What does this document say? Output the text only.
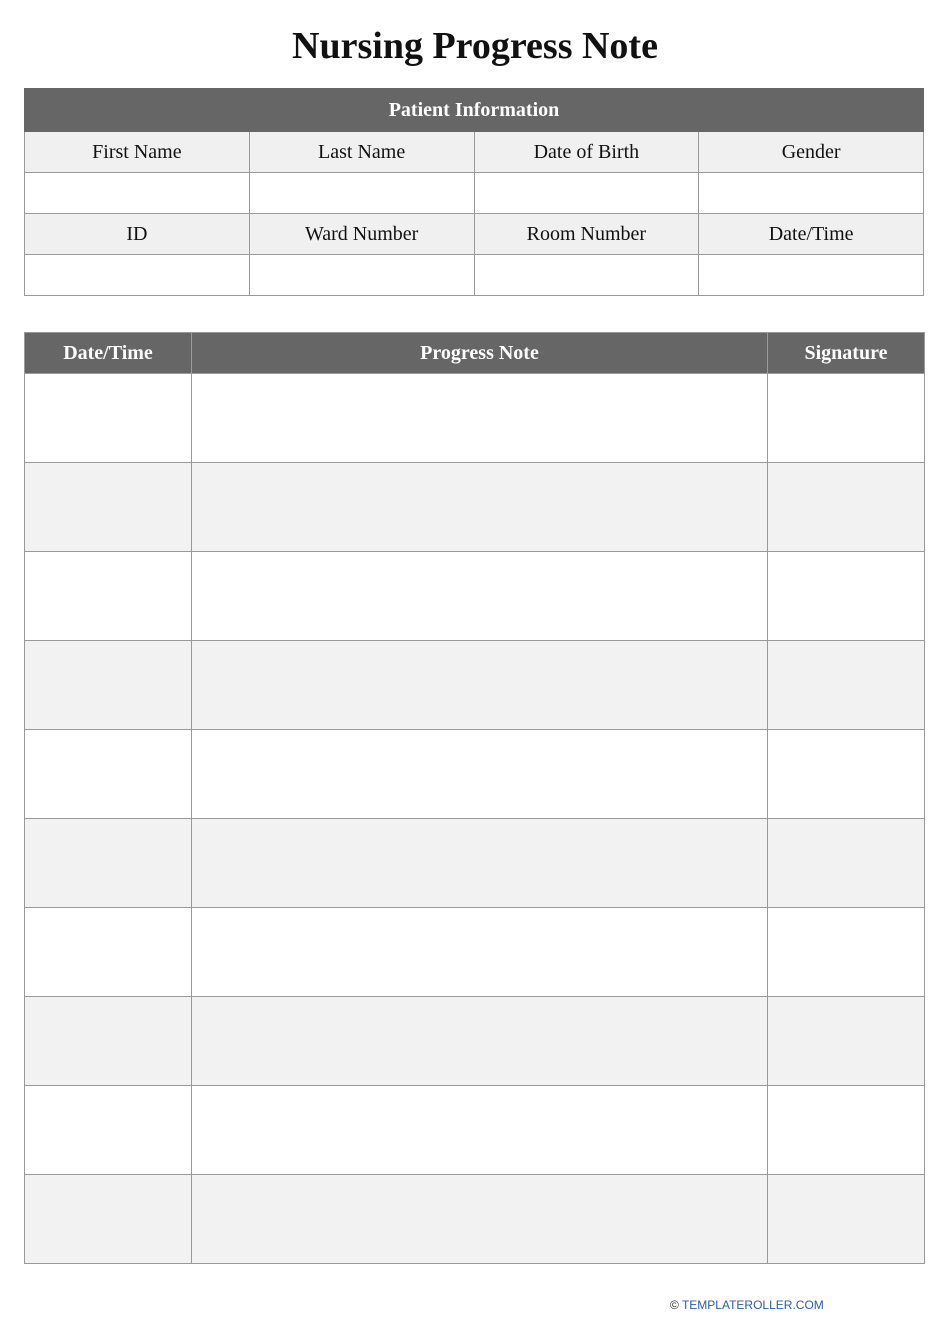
Nursing Progress Note
Patient Information			
First Name	Last Name	Date of Birth	Gender

ID	Ward Number	Room Number	Date/Time

Date/Time	Progress Note	Signature

© TEMPLATEROLLER.COM
